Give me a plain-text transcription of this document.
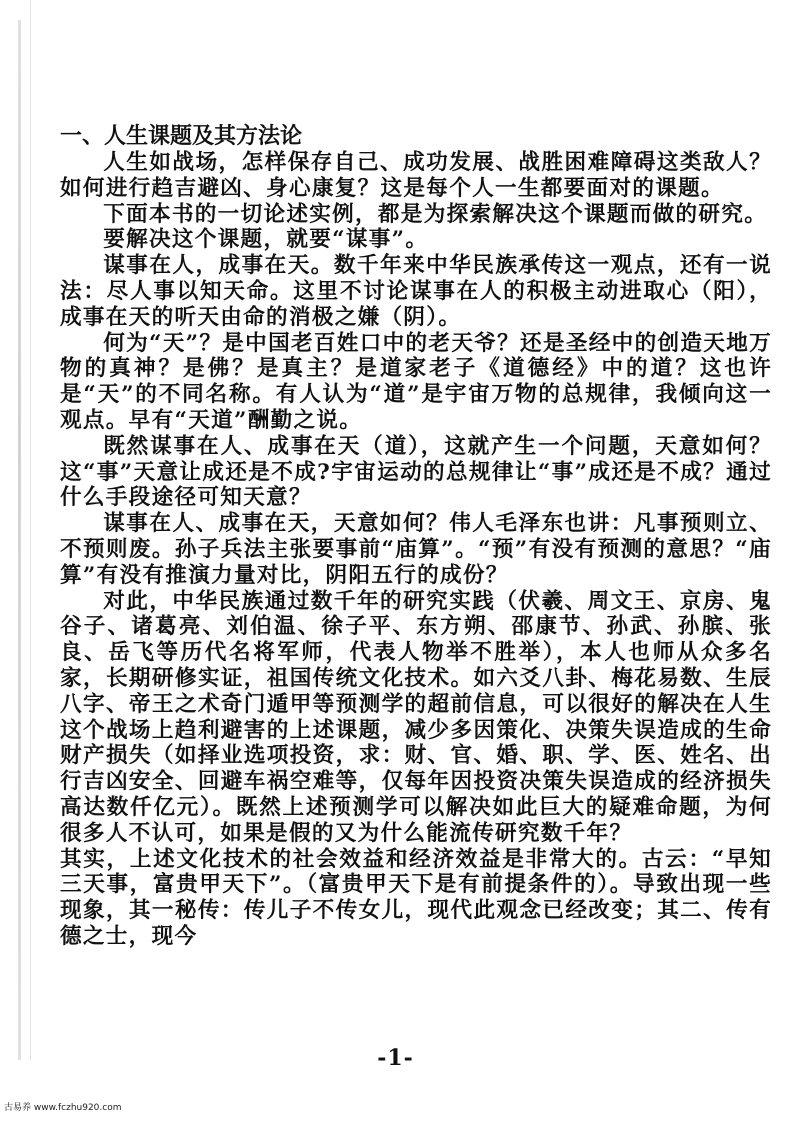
一、人生课题及其方法论

人生如战场，怎样保存自己、成功发展、战胜困难障碍这类敌人？如何进行趋吉避凶、身心康复？这是每个人一生都要面对的课题。

下面本书的一切论述实例，都是为探索解决这个课题而做的研究。

要解决这个课题，就要“谋事”。

谋事在人，成事在天。数千年来中华民族承传这一观点，还有一说法：尽人事以知天命。这里不讨论谋事在人的积极主动进取心（阳），成事在天的听天由命的消极之嫌（阴）。

何为“天”？是中国老百姓口中的老天爷？还是圣经中的创造天地万物的真神？是佛？是真主？是道家老子《道德经》中的道？这也许是“天”的不同名称。有人认为“道”是宇宙万物的总规律，我倾向这一观点。早有“天道”酬勤之说。

既然谋事在人、成事在天（道），这就产生一个问题，天意如何？这“事”天意让成还是不成?宇宙运动的总规律让“事”成还是不成？通过什么手段途径可知天意？

谋事在人、成事在天，天意如何？伟人毛泽东也讲：凡事预则立、不预则废。孙子兵法主张要事前“庙算”。“预”有没有预测的意思？“庙算”有没有推演力量对比，阴阳五行的成份？

对此，中华民族通过数千年的研究实践（伏羲、周文王、京房、鬼谷子、诸葛亮、刘伯温、徐子平、东方朔、邵康节、孙武、孙膑、张良、岳飞等历代名将军师，代表人物举不胜举），本人也师从众多名家，长期研修实证，祖国传统文化技术。如六爻八卦、梅花易数、生辰八字、帝王之术奇门遁甲等预测学的超前信息，可以很好的解决在人生这个战场上趋利避害的上述课题，减少多因策化、决策失误造成的生命财产损失（如择业选项投资，求：财、官、婚、职、学、医、姓名、出行吉凶安全、回避车祸空难等，仅每年因投资决策失误造成的经济损失高达数仟亿元）。既然上述预测学可以解决如此巨大的疑难命题，为何很多人不认可，如果是假的又为什么能流传研究数千年？

其实，上述文化技术的社会效益和经济效益是非常大的。古云：“早知三天事，富贵甲天下”。（富贵甲天下是有前提条件的）。导致出现一些现象，其一秘传：传儿子不传女儿，现代此观念已经改变；其二、传有德之士，现今

-1-
古易养 www.fczhu920.com
